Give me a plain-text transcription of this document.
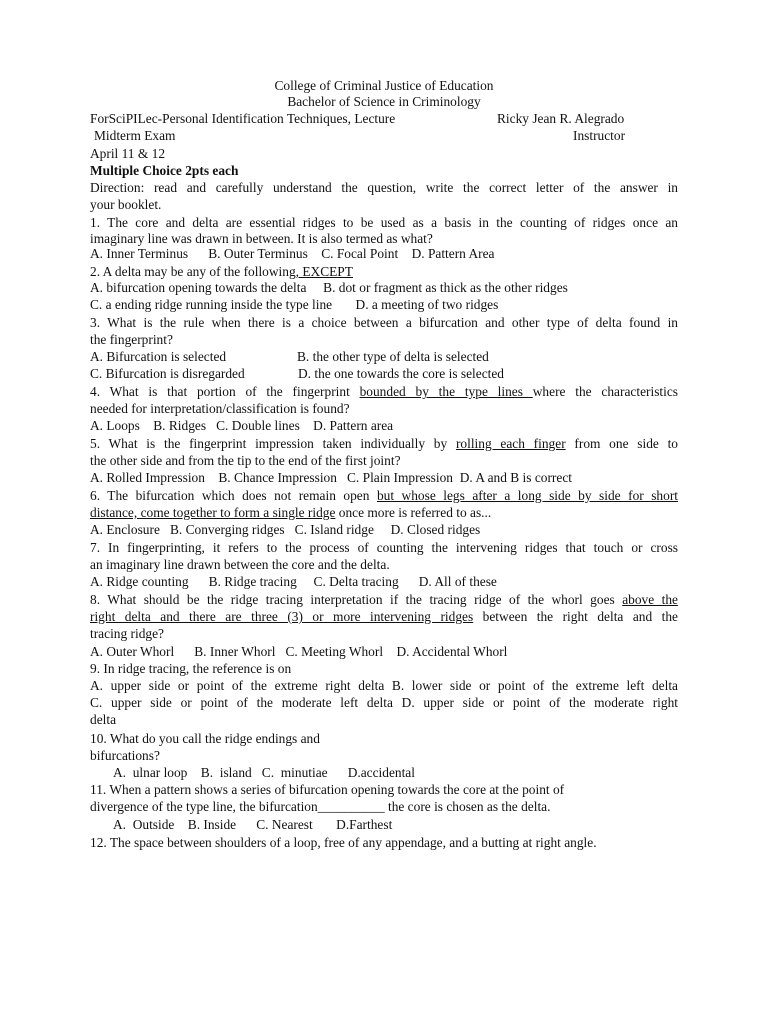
College of Criminal Justice of Education
Bachelor of Science in Criminology
ForSciPILec-Personal Identification Techniques, Lecture	Ricky Jean R. Alegrado
Midterm Exam	Instructor
April 11 & 12
Multiple Choice 2pts each
Direction: read and carefully understand the question, write the correct letter of the answer in
your booklet.
1. The core and delta are essential ridges to be used as a basis in the counting of ridges once an
imaginary line was drawn in between. It is also termed as what?
A. Inner Terminus      B. Outer Terminus    C. Focal Point    D. Pattern Area
2. A delta may be any of the following, EXCEPT
A. bifurcation opening towards the delta     B. dot or fragment as thick as the other ridges
C. a ending ridge running inside the type line       D. a meeting of two ridges
3. What is the rule when there is a choice between a bifurcation and other type of delta found in
the fingerprint?
A. Bifurcation is selected	B. the other type of delta is selected
C. Bifurcation is disregarded	D. the one towards the core is selected
4. What is that portion of the fingerprint bounded by the type lines where the characteristics
needed for interpretation/classification is found?
A. Loops    B. Ridges   C. Double lines    D. Pattern area
5. What is the fingerprint impression taken individually by rolling each finger from one side to
the other side and from the tip to the end of the first joint?
A. Rolled Impression    B. Chance Impression   C. Plain Impression  D. A and B is correct
6. The bifurcation which does not remain open but whose legs after a long side by side for short
distance, come together to form a single ridge once more is referred to as...
A. Enclosure   B. Converging ridges   C. Island ridge     D. Closed ridges
7. In fingerprinting, it refers to the process of counting the intervening ridges that touch or cross
an imaginary line drawn between the core and the delta.
A. Ridge counting      B. Ridge tracing     C. Delta tracing      D. All of these
8. What should be the ridge tracing interpretation if the tracing ridge of the whorl goes above the
right delta and there are three (3) or more intervening ridges between the right delta and the
tracing ridge?
A. Outer Whorl      B. Inner Whorl   C. Meeting Whorl    D. Accidental Whorl
9. In ridge tracing, the reference is on
A. upper side or point of the extreme right delta B. lower side or point of the extreme left delta
C. upper side or point of the moderate left delta D. upper side or point of the moderate right
delta
10. What do you call the ridge endings and
bifurcations?
A.  ulnar loop    B.  island   C.  minutiae      D.accidental
11. When a pattern shows a series of bifurcation opening towards the core at the point of
divergence of the type line, the bifurcation__________ the core is chosen as the delta.
A.  Outside    B. Inside      C. Nearest       D.Farthest
12. The space between shoulders of a loop, free of any appendage, and a butting at right angle.
